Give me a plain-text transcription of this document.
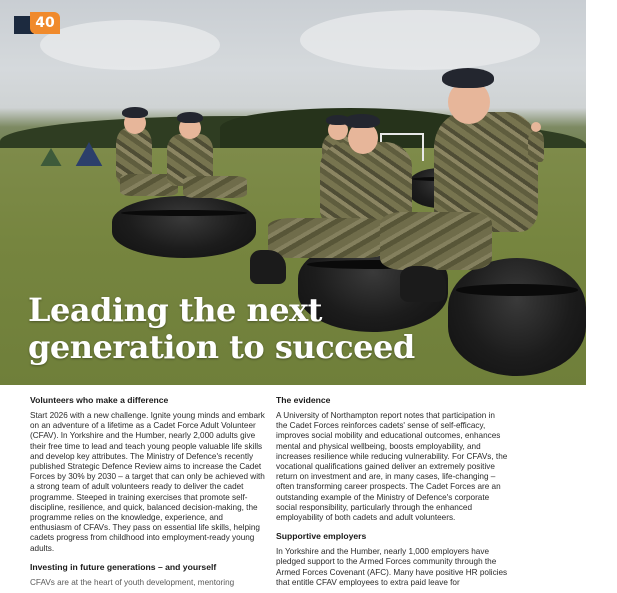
40
Leading the next
generation to succeed
Volunteers who make a difference

Start 2026 with a new challenge. Ignite young minds and embark on an adventure of a lifetime as a Cadet Force Adult Volunteer (CFAV). In Yorkshire and the Humber, nearly 2,000 adults give their free time to lead and teach young people valuable life skills and develop key attributes. The Ministry of Defence's recently published Strategic Defence Review aims to increase the Cadet Forces by 30% by 2030 – a target that can only be achieved with a strong team of adult volunteers ready to deliver the cadet programme. Steeped in training exercises that promote self-discipline, resilience, and quick, balanced decision-making, the programme relies on the knowledge, experience, and enthusiasm of CFAVs. They pass on essential life skills, helping cadets progress from childhood into employment-ready young adults.

Investing in future generations – and yourself

CFAVs are at the heart of youth development, mentoring

The evidence

A University of Northampton report notes that participation in the Cadet Forces reinforces cadets' sense of self-efficacy, improves social mobility and educational outcomes, enhances mental and physical wellbeing, boosts employability, and increases resilience while reducing vulnerability. For CFAVs, the vocational qualifications gained deliver an extremely positive return on investment and are, in many cases, life-changing – often transforming career prospects. The Cadet Forces are an outstanding example of the Ministry of Defence's corporate social responsibility, particularly through the enhanced employability of both cadets and adult volunteers.

Supportive employers

In Yorkshire and the Humber, nearly 1,000 employers have pledged support to the Armed Forces community through the Armed Forces Covenant (AFC). Many have positive HR policies that entitle CFAV employees to extra paid leave for
